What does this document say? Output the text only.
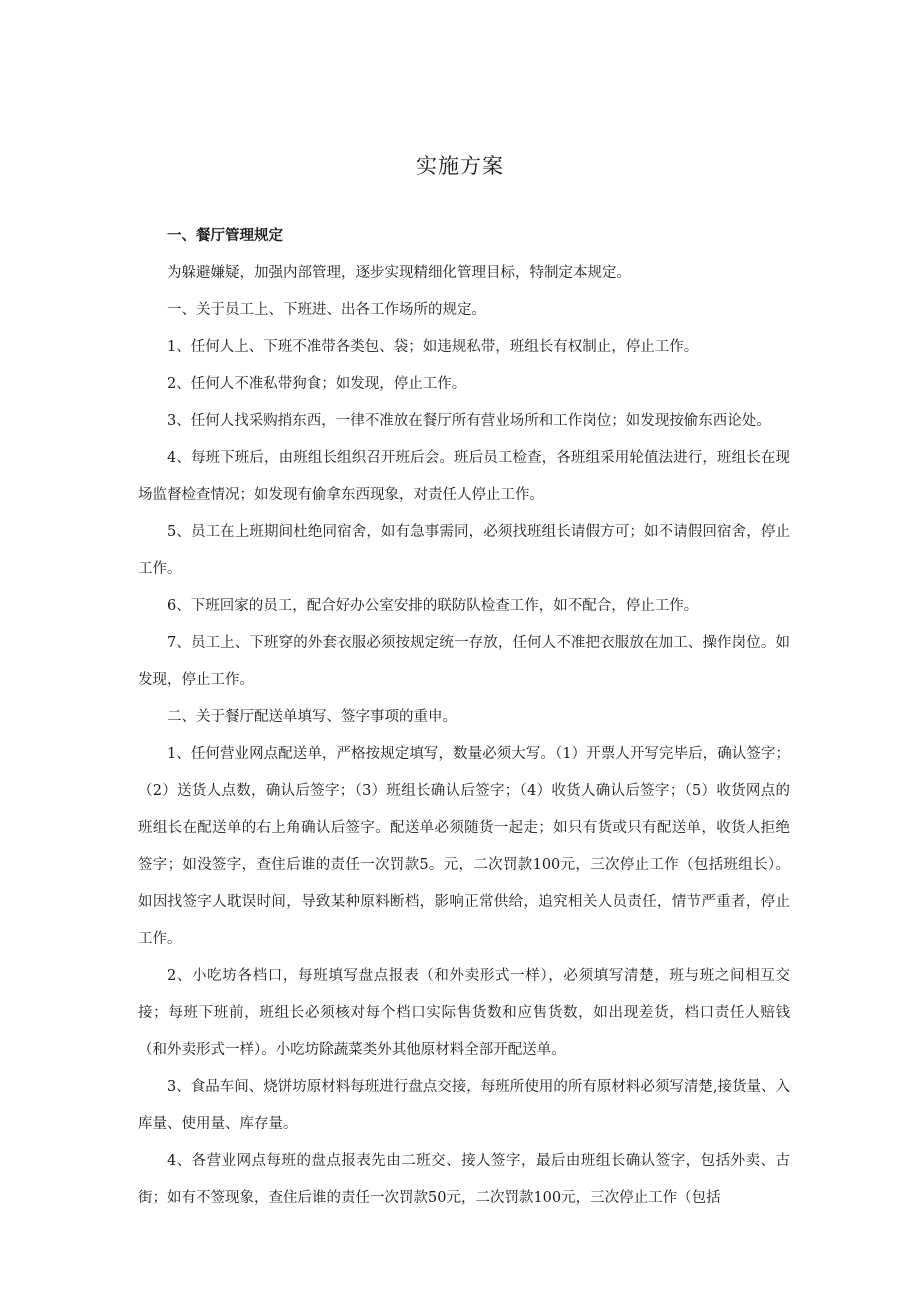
实施方案

一、餐厅管理规定

为躲避嫌疑，加强内部管理，逐步实现精细化管理目标，特制定本规定。

一、关于员工上、下班进、出各工作场所的规定。

1、任何人上、下班不准带各类包、袋；如违规私带，班组长有权制止，停止工作。

2、任何人不准私带狗食；如发现，停止工作。

3、任何人找采购捎东西，一律不准放在餐厅所有营业场所和工作岗位；如发现按偷东西论处。

4、每班下班后，由班组长组织召开班后会。班后员工检查，各班组采用轮值法进行，班组长在现场监督检查情况；如发现有偷拿东西现象，对责任人停止工作。

5、员工在上班期间杜绝同宿舍，如有急事需同，必须找班组长请假方可；如不请假回宿舍，停止工作。

6、下班回家的员工，配合好办公室安排的联防队检查工作，如不配合，停止工作。

7、员工上、下班穿的外套衣服必须按规定统一存放，任何人不准把衣服放在加工、操作岗位。如发现，停止工作。

二、关于餐厅配送单填写、签字事项的重申。

1、任何营业网点配送单，严格按规定填写，数量必须大写。（1）开票人开写完毕后，确认签字；（2）送货人点数，确认后签字；（3）班组长确认后签字；（4）收货人确认后签字；（5）收货网点的班组长在配送单的右上角确认后签字。配送单必须随货一起走；如只有货或只有配送单，收货人拒绝签字；如没签字，查住后谁的责任一次罚款5。元，二次罚款100元，三次停止工作（包括班组长）。如因找签字人耽误时间，导致某种原料断档，影响正常供给，追究相关人员责任，情节严重者，停止工作。

2、小吃坊各档口，每班填写盘点报表（和外卖形式一样），必须填写清楚，班与班之间相互交接；每班下班前，班组长必须核对每个档口实际售货数和应售货数，如出现差货，档口责任人赔钱（和外卖形式一样）。小吃坊除蔬菜类外其他原材料全部开配送单。

3、食品车间、烧饼坊原材料每班进行盘点交接，每班所使用的所有原材料必须写清楚,接货量、入库量、使用量、库存量。

4、各营业网点每班的盘点报表先由二班交、接人签字，最后由班组长确认签字，包括外卖、古街；如有不签现象，查住后谁的责任一次罚款50元，二次罚款100元，三次停止工作（包括
